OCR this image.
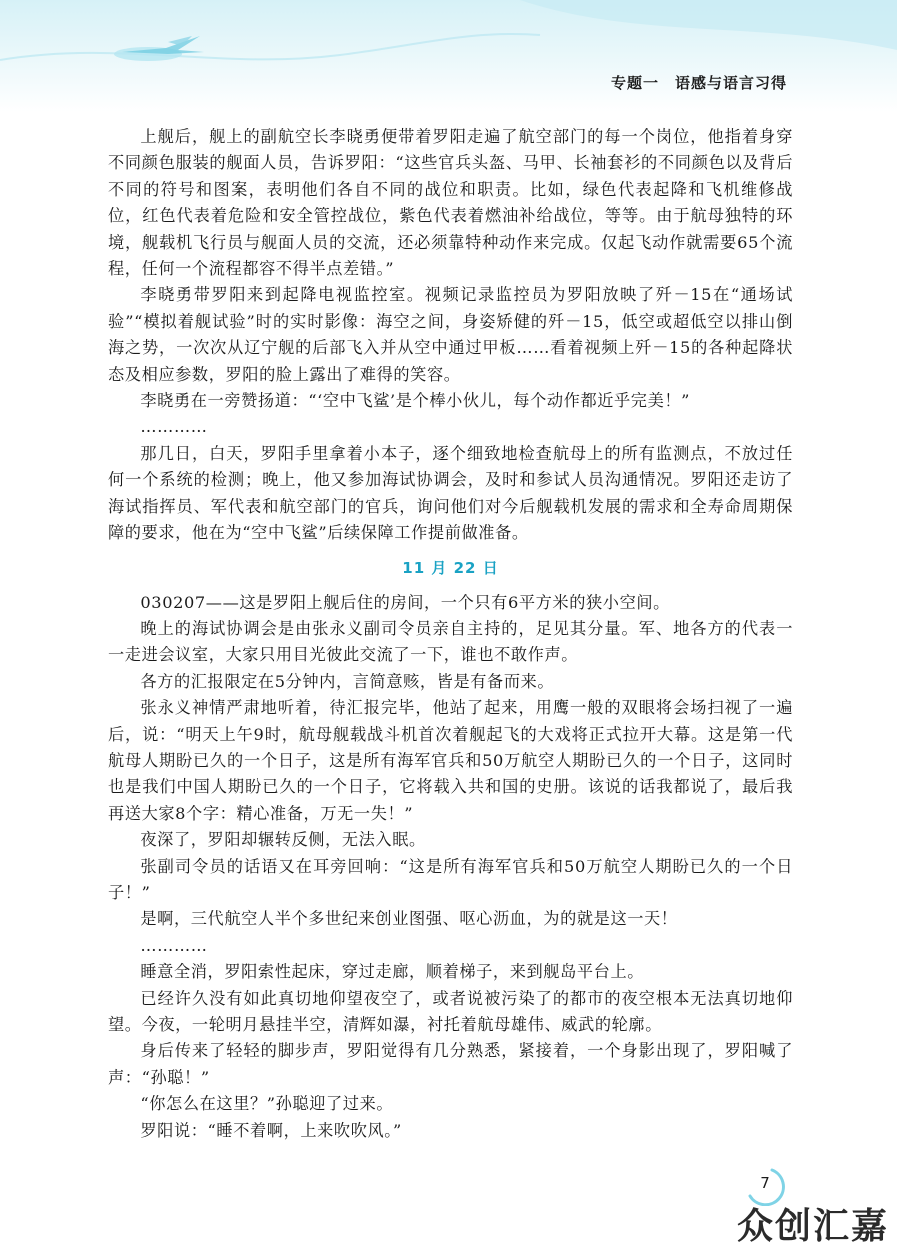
专题一　语感与语言习得

上舰后，舰上的副航空长李晓勇便带着罗阳走遍了航空部门的每一个岗位，他指着身穿不同颜色服装的舰面人员，告诉罗阳：“这些官兵头盔、马甲、长袖套衫的不同颜色以及背后不同的符号和图案，表明他们各自不同的战位和职责。比如，绿色代表起降和飞机维修战位，红色代表着危险和安全管控战位，紫色代表着燃油补给战位，等等。由于航母独特的环境，舰载机飞行员与舰面人员的交流，还必须靠特种动作来完成。仅起飞动作就需要65个流程，任何一个流程都容不得半点差错。”

李晓勇带罗阳来到起降电视监控室。视频记录监控员为罗阳放映了歼－15在“通场试验”“模拟着舰试验”时的实时影像：海空之间，身姿矫健的歼－15，低空或超低空以排山倒海之势，一次次从辽宁舰的后部飞入并从空中通过甲板……看着视频上歼－15的各种起降状态及相应参数，罗阳的脸上露出了难得的笑容。

李晓勇在一旁赞扬道：“‘空中飞鲨’是个棒小伙儿，每个动作都近乎完美！”

…………

那几日，白天，罗阳手里拿着小本子，逐个细致地检查航母上的所有监测点，不放过任何一个系统的检测；晚上，他又参加海试协调会，及时和参试人员沟通情况。罗阳还走访了海试指挥员、军代表和航空部门的官兵，询问他们对今后舰载机发展的需求和全寿命周期保障的要求，他在为“空中飞鲨”后续保障工作提前做准备。

11 月 22 日

030207——这是罗阳上舰后住的房间，一个只有6平方米的狭小空间。

晚上的海试协调会是由张永义副司令员亲自主持的，足见其分量。军、地各方的代表一一走进会议室，大家只用目光彼此交流了一下，谁也不敢作声。

各方的汇报限定在5分钟内，言简意赅，皆是有备而来。

张永义神情严肃地听着，待汇报完毕，他站了起来，用鹰一般的双眼将会场扫视了一遍后，说：“明天上午9时，航母舰载战斗机首次着舰起飞的大戏将正式拉开大幕。这是第一代航母人期盼已久的一个日子，这是所有海军官兵和50万航空人期盼已久的一个日子，这同时也是我们中国人期盼已久的一个日子，它将载入共和国的史册。该说的话我都说了，最后我再送大家8个字：精心准备，万无一失！”

夜深了，罗阳却辗转反侧，无法入眠。

张副司令员的话语又在耳旁回响：“这是所有海军官兵和50万航空人期盼已久的一个日子！”

是啊，三代航空人半个多世纪来创业图强、呕心沥血，为的就是这一天！

…………

睡意全消，罗阳索性起床，穿过走廊，顺着梯子，来到舰岛平台上。

已经许久没有如此真切地仰望夜空了，或者说被污染了的都市的夜空根本无法真切地仰望。今夜，一轮明月悬挂半空，清辉如瀑，衬托着航母雄伟、威武的轮廓。

身后传来了轻轻的脚步声，罗阳觉得有几分熟悉，紧接着，一个身影出现了，罗阳喊了声：“孙聪！”

“你怎么在这里？”孙聪迎了过来。

罗阳说：“睡不着啊，上来吹吹风。”

7
众创汇嘉
